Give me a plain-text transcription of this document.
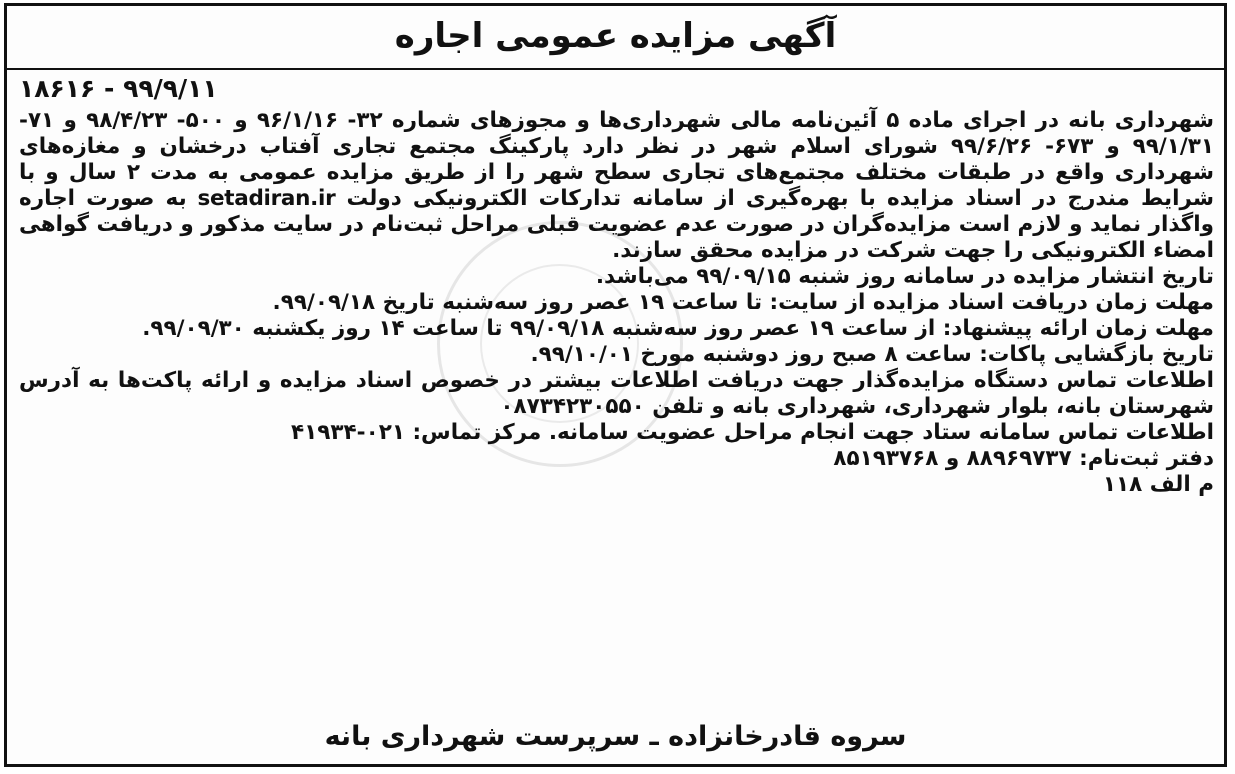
آگهی مزایده عمومی اجاره
۱۸۶۱۶ - ۹۹/۹/۱۱

شهرداری بانه در اجرای ماده ۵ آئین‌نامه مالی شهرداری‌ها و مجوزهای شماره ۳۲- ۹۶/۱/۱۶ و ۵۰۰- ۹۸/۴/۲۳ و ۷۱- ۹۹/۱/۳۱ و ۶۷۳- ۹۹/۶/۲۶ شورای اسلام شهر در نظر دارد پارکینگ مجتمع تجاری آفتاب درخشان و مغازه‌های شهرداری واقع در طبقات مختلف مجتمع‌های تجاری سطح شهر را از طریق مزایده عمومی به مدت ۲ سال و با شرایط مندرج در اسناد مزایده با بهره‌گیری از سامانه تدارکات الکترونیکی دولت setadiran.ir به صورت اجاره واگذار نماید و لازم است مزایده‌گران در صورت عدم عضویت قبلی مراحل ثبت‌نام در سایت مذکور و دریافت گواهی امضاء الکترونیکی را جهت شرکت در مزایده محقق سازند.

تاریخ انتشار مزایده در سامانه روز شنبه ۹۹/۰۹/۱۵ می‌باشد.

مهلت زمان دریافت اسناد مزایده از سایت: تا ساعت ۱۹ عصر روز سه‌شنبه تاریخ ۹۹/۰۹/۱۸.

مهلت زمان ارائه پیشنهاد: از ساعت ۱۹ عصر روز سه‌شنبه ۹۹/۰۹/۱۸ تا ساعت ۱۴ روز یکشنبه ۹۹/۰۹/۳۰.

تاریخ بازگشایی پاکات: ساعت ۸ صبح روز دوشنبه مورخ ۹۹/۱۰/۰۱.

اطلاعات تماس دستگاه مزایده‌گذار جهت دریافت اطلاعات بیشتر در خصوص اسناد مزایده و ارائه پاکت‌ها به آدرس شهرستان بانه، بلوار شهرداری، شهرداری بانه و تلفن ۰۸۷۳۴۲۳۰۵۵۰

اطلاعات تماس سامانه ستاد جهت انجام مراحل عضویت سامانه. مرکز تماس: ۰۲۱-۴۱۹۳۴

دفتر ثبت‌نام: ۸۸۹۶۹۷۳۷ و ۸۵۱۹۳۷۶۸

م الف ۱۱۸

سروه قادرخانزاده ـ سرپرست شهرداری بانه
